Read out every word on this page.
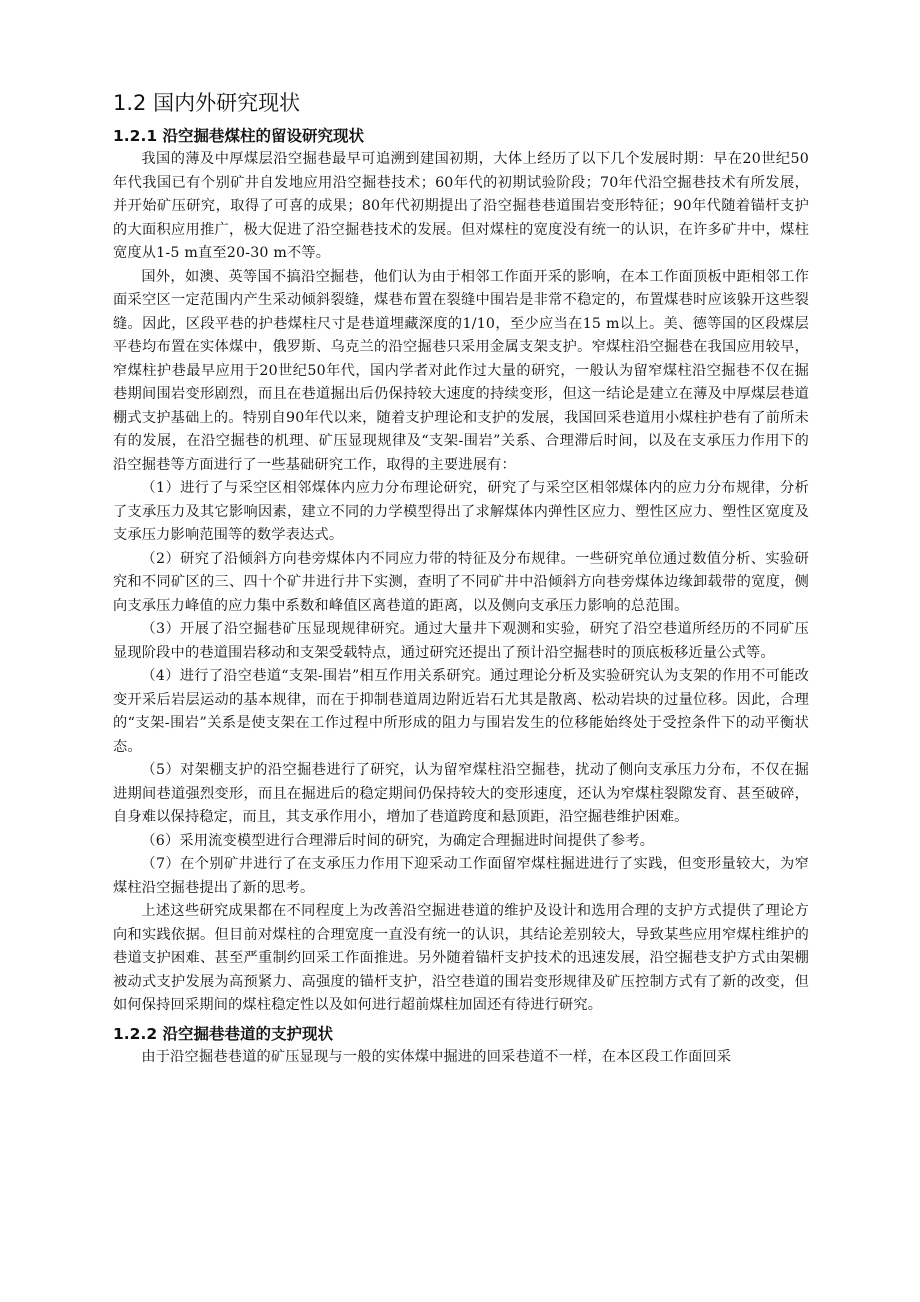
1.2 国内外研究现状
1.2.1 沿空掘巷煤柱的留设研究现状

我国的薄及中厚煤层沿空掘巷最早可追溯到建国初期，大体上经历了以下几个发展时期：早在20世纪50年代我国已有个别矿井自发地应用沿空掘巷技术；60年代的初期试验阶段；70年代沿空掘巷技术有所发展，并开始矿压研究，取得了可喜的成果；80年代初期提出了沿空掘巷巷道围岩变形特征；90年代随着锚杆支护的大面积应用推广，极大促进了沿空掘巷技术的发展。但对煤柱的宽度没有统一的认识，在许多矿井中，煤柱宽度从1-5 m直至20-30 m不等。

国外，如澳、英等国不搞沿空掘巷，他们认为由于相邻工作面开采的影响，在本工作面顶板中距相邻工作面采空区一定范围内产生采动倾斜裂缝，煤巷布置在裂缝中围岩是非常不稳定的，布置煤巷时应该躲开这些裂缝。因此，区段平巷的护巷煤柱尺寸是巷道埋藏深度的1/10，至少应当在15 m以上。美、德等国的区段煤层平巷均布置在实体煤中，俄罗斯、乌克兰的沿空掘巷只采用金属支架支护。窄煤柱沿空掘巷在我国应用较早，窄煤柱护巷最早应用于20世纪50年代，国内学者对此作过大量的研究，一般认为留窄煤柱沿空掘巷不仅在掘巷期间围岩变形剧烈，而且在巷道掘出后仍保持较大速度的持续变形，但这一结论是建立在薄及中厚煤层巷道棚式支护基础上的。特别自90年代以来，随着支护理论和支护的发展，我国回采巷道用小煤柱护巷有了前所未有的发展，在沿空掘巷的机理、矿压显现规律及“支架-围岩”关系、合理滞后时间，以及在支承压力作用下的沿空掘巷等方面进行了一些基础研究工作，取得的主要进展有：

（1）进行了与采空区相邻煤体内应力分布理论研究，研究了与采空区相邻煤体内的应力分布规律，分析了支承压力及其它影响因素，建立不同的力学模型得出了求解煤体内弹性区应力、塑性区应力、塑性区宽度及支承压力影响范围等的数学表达式。

（2）研究了沿倾斜方向巷旁煤体内不同应力带的特征及分布规律。一些研究单位通过数值分析、实验研究和不同矿区的三、四十个矿井进行井下实测，查明了不同矿井中沿倾斜方向巷旁煤体边缘卸载带的宽度，侧向支承压力峰值的应力集中系数和峰值区离巷道的距离，以及侧向支承压力影响的总范围。

（3）开展了沿空掘巷矿压显现规律研究。通过大量井下观测和实验，研究了沿空巷道所经历的不同矿压显现阶段中的巷道围岩移动和支架受载特点，通过研究还提出了预计沿空掘巷时的顶底板移近量公式等。

（4）进行了沿空巷道“支架-围岩”相互作用关系研究。通过理论分析及实验研究认为支架的作用不可能改变开采后岩层运动的基本规律，而在于抑制巷道周边附近岩石尤其是散离、松动岩块的过量位移。因此，合理的“支架-围岩”关系是使支架在工作过程中所形成的阻力与围岩发生的位移能始终处于受控条件下的动平衡状态。

（5）对架棚支护的沿空掘巷进行了研究，认为留窄煤柱沿空掘巷，扰动了侧向支承压力分布，不仅在掘进期间巷道强烈变形，而且在掘进后的稳定期间仍保持较大的变形速度，还认为窄煤柱裂隙发育、甚至破碎，自身难以保持稳定，而且，其支承作用小，增加了巷道跨度和悬顶距，沿空掘巷维护困难。

（6）采用流变模型进行合理滞后时间的研究，为确定合理掘进时间提供了参考。

（7）在个别矿井进行了在支承压力作用下迎采动工作面留窄煤柱掘进进行了实践，但变形量较大，为窄煤柱沿空掘巷提出了新的思考。

上述这些研究成果都在不同程度上为改善沿空掘进巷道的维护及设计和选用合理的支护方式提供了理论方向和实践依据。但目前对煤柱的合理宽度一直没有统一的认识，其结论差别较大，导致某些应用窄煤柱维护的巷道支护困难、甚至严重制约回采工作面推进。另外随着锚杆支护技术的迅速发展，沿空掘巷支护方式由架棚被动式支护发展为高预紧力、高强度的锚杆支护，沿空巷道的围岩变形规律及矿压控制方式有了新的改变，但如何保持回采期间的煤柱稳定性以及如何进行超前煤柱加固还有待进行研究。

1.2.2 沿空掘巷巷道的支护现状

由于沿空掘巷巷道的矿压显现与一般的实体煤中掘进的回采巷道不一样，在本区段工作面回采
